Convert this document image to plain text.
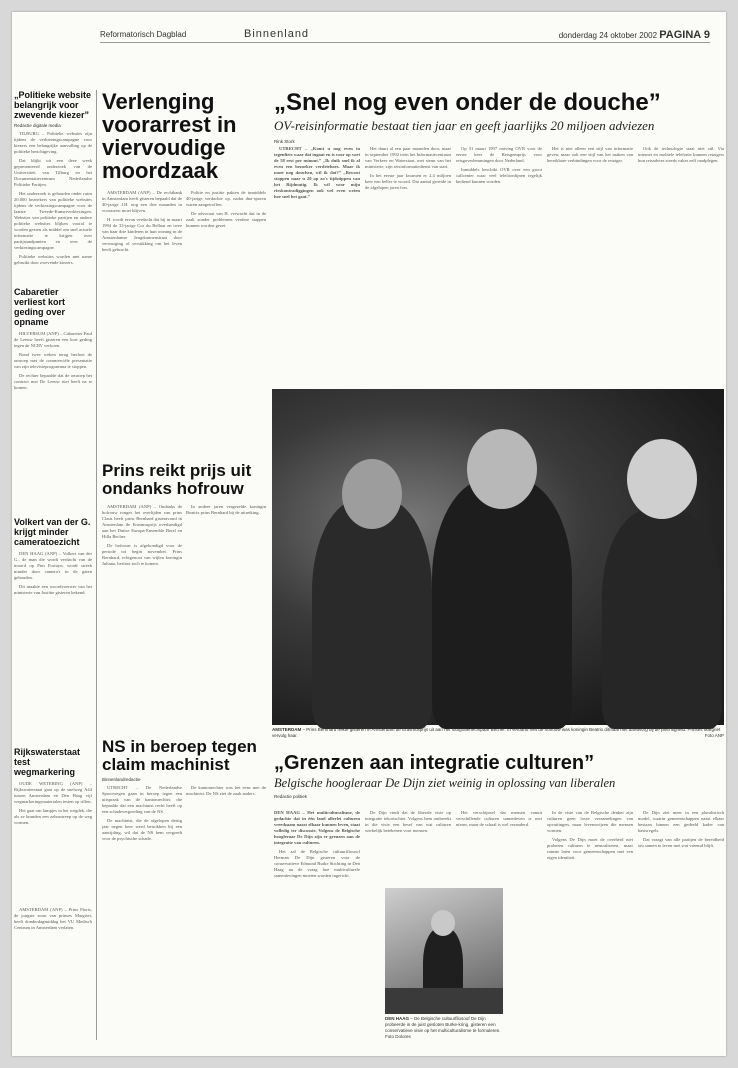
Reformatorisch Dagblad	Binnenland	donderdag 24 oktober 2002 PAGINA 9
„Politieke website belangrijk voor zwevende kiezer”
Redactie digitale media

TILBURG – Politieke websites zijn tijdens de verkiezingscampagne voor kiezers een belangrijke aanvulling op de politieke berichtgeving.

Dat blijkt uit een deze week gepresenteerd onderzoek van de Universiteit van Tilburg en het Documentatiecentrum Nederlandse Politieke Partijen.

Het onderzoek is gehouden onder ruim 20.000 bezoekers van politieke websites tijdens de verkiezingscampagne voor de laatste Tweede-Kamerverkiezingen. Websites van politieke partijen en andere politieke websites blijken vooral te worden gezien als middel om snel actuele informatie te krijgen over partijstandpunten en over de verkiezingscampagne.

Politieke websites worden met name gebruikt door zwevende kiezers.

Cabaretier verliest kort geding over opname

HILVERSUM (ANP) – Cabaretier Paul de Leeuw heeft gisteren een kort geding tegen de NCRV verloren.

Rond twee weken terug besloot de omroep met de commerciële presentatie van zijn televisieprogramma te stoppen.

De rechter bepaalde dat de omroep het contract met De Leeuw niet heeft na te komen.

Volkert van der G. krijgt minder cameratoezicht

DEN HAAG (ANP) – Volkert van der G., de man die wordt verdacht van de moord op Pim Fortuyn, wordt streek minder door camera's in de gaten gehouden.

Dit maakte een woordvoerster van het ministerie van Justitie gisteren bekend.

Rijkswaterstaat test wegmarkering

OUDE WETERING (ANP) – Rijkswaterstaat gaat op de snelweg A44 tussen Amsterdam en Den Haag vijf wegmarkeringsmaterialen testen op riffen.

Het gaat om lampjes in het wegdek, die als ze branden een zebrastreep op de weg vormen.

AMSTERDAM (ANP) – Prins Floris, de jongste zoon van prinses Margriet, heeft donderdagmiddag het VU Medisch Centrum in Amsterdam verlaten.

Verlenging voorarrest in viervoudige moordzaak

AMSTERDAM (ANP) – De rechtbank in Amsterdam heeft gisteren bepaald dat de 40-jarige J.H. nog een drie maanden in voorarrest moet blijven.

H. wordt ervan verdacht dat hij in maart 1994 de 33-jarige Cor du Bellaar en twee van haar drie kinderen in hun woning in de Amsterdamse Jeugdonmenstraat door verwurging of verstikking om het leven heeft gebracht.

Politie en justitie pakten de inmiddels 40-jarige verdachte op, nadat dna-sporen waren aangetroffen.

De advocaat van H. verwacht dat in de zaak zonder problemen verdere stappen kunnen worden gezet.

Prins reikt prijs uit ondanks hofrouw

AMSTERDAM (ANP) – Ondanks de hofrouw ronges het overlijden van prins Claus heeft prins Bernhard gisteravond in Amsterdam de Erasmusprijs overhandigd aan het Duitse Europa-Ensemble Berzl en Hilla Becher.

De hofrouw is afgekondigd voor de periode tot begin november. Prins Bernhard, echtgenoot van wijlen koningin Juliana, besloot toch te komen.

In andere jaren vergezelde koningin Beatrix prins Bernhard bij de uitreiking.

NS in beroep tegen claim machinist
Binnenlandredactie

UTRECHT – De Nederlandse Spoorwegen gaan in beroep tegen een uitspraak van de kantonrechter, die bepaalde dat een machinist recht heeft op een schadevergoeding van de NS.

De machinist, die de afgelopen dertig jaar negen keer werd betrokken bij een aanrijding, wil dat de NS hem vergoedt voor de psychische schade.

De kantonrechter was het eens met de machinist. De NS ziet de zaak anders.

„Snel nog even onder de douche”
OV-reisinformatie bestaat tien jaar en geeft jaarlijks 20 miljoen adviezen
Rink Stork

UTRECHT – „Komt u nog even in tegenfiets waar dat ingaat en is voor op voet de 58 rest per minuut.” „Ik duik snel ik al even een bezoeker verdriehoes. Maar ik moet nog douchen, wil ik dat?” „Bewust stoppen naar u 20 op zo's tijdstippen van het Rijdmatig. Ik wil voor mijn rieskontradiggingen ook wel even weten hoe snel het gaat.”

Het duurt al een paar maanden door, maar in september 1992 trein het Informatiecentrum van Verkeer en Waterstaat, met steun van het ministerie, zijn reisinformatiedienst van start.

In het eerste jaar kwamen er 2,4 miljoen keer een beller te woord. Dat aantal groeide in de afgelopen jaren fors.

Op 31 maart 1997 ontving OVR voor de eerste keer de Reisgemprijs voor reisgoverlemmingen door Nederland.

Inmiddels beschikt OVR over een groot callcenter waar veel telefoonlijnen tegelijk bediend kunnen worden.

Het is niet alleen een stijl van informatie geven, maar ook een stijl van het maken van bereikbare verbindingen voor de reiziger.

Ook de technologie staat niet stil. Via internet en mobiele telefonie kunnen reizigers hun reisadvies steeds vaker zelf raadplegen.

AMSTERDAM – Prins Bernhard reikte gisteren in Amsterdam de Erasmusprijs uit aan het fotografenechtpaar Becher. In verband met de hofrouw was koningin Beatrix ditmaal niet aanwezig bij de plechtigheid. Prinses Margriet vervulg haar.	Foto ANP
„Grenzen aan integratie culturen”
Belgische hoogleraar De Dijn ziet weinig in oplossing van liberalen
Redactie politiek

DEN HAAG – Het multiculturalisme, de gedachte dat in één land allerlei culturen vreedzaam naast elkaar kunnen leven, staat volledig ter discussie. Volgens de Belgische hoogleraar De Dijn zijn er grenzen aan de integratie van culturen.

Het zal de Belgische cultuurfilosoof Herman De Dijn gisteren voor de conservatieve Edmund Burke Stichting in Den Haag na de vraag hoe multiculturele samenlevingen moeten worden ingericht.

De Dijn vindt dat de liberale visie op integratie tekortschiet. Volgens hem ontbreekt in die visie een besef van wat culturen werkelijk betekenen voor mensen.

Het verschijnsel dat mensen vanuit verschillende culturen samenleven is niet nieuw, maar de schaal is wel veranderd.

In de visie van de Belgische denker zijn culturen geen losse verzamelingen van opvattingen, maar levenswijzen die mensen vormen.

Volgens De Dijn moet de overheid niet proberen culturen te neutraliseren, maar ruimte laten voor gemeenschappen met een eigen identiteit.

De Dijn ziet meer in een pluralistisch model, waarin gemeenschappen naast elkaar bestaan binnen een gedeeld kader van basisregels.

Dat vraagt van alle partijen de bereidheid om samen te leven met wat vreemd blijft.

DEN HAAG – De Belgische cultuurfilosoof De Dijn probeerde in de juist gesloten Burke-kring, gisteren een conservatieve visie op het multiculturalisme te formuleren. Foto Dolores
